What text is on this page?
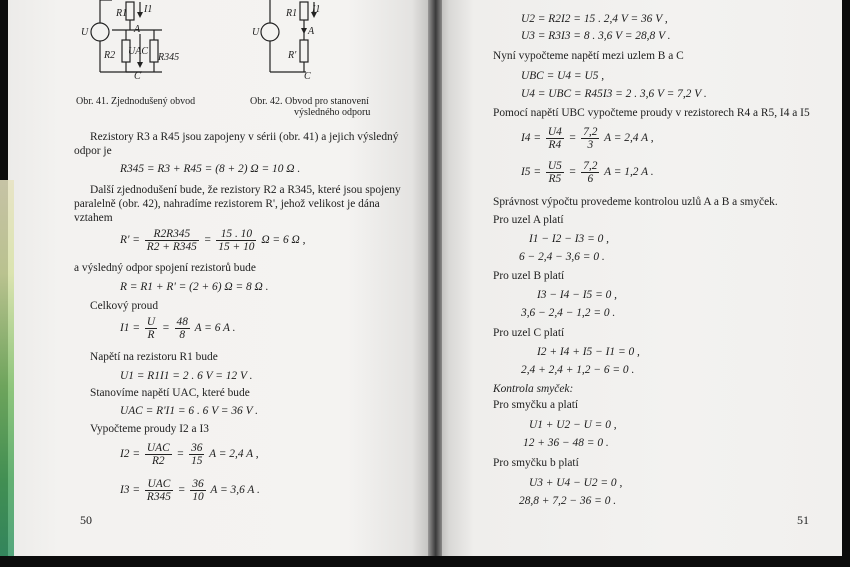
U
R1 I1
A
R2 UAC
R345
C
U
R1 I1
A
R'
C
Obr. 41. Zjednodušený obvod	Obr. 42. Obvod pro stanovení
výsledného odporu
Rezistory R3 a R45 jsou zapojeny v sérii (obr. 41) a jejich výsledný
odpor je
R345 = R3 + R45 = (8 + 2) Ω = 10 Ω .
Další zjednodušení bude, že rezistory R2 a R345, které jsou spojeny
paralelně (obr. 42), nahradíme rezistorem R', jehož velikost je dána
vztahem
$R' = \frac{R2R345}{R2 + R345} = \frac{15 . 10}{15 + 10}$ Ω = 6 Ω ,
a výsledný odpor spojení rezistorů bude
R = R1 + R' = (2 + 6) Ω = 8 Ω .
Celkový proud
$I1 = \frac{U}{R} = \frac{48}{8}$ A = 6 A .
Napětí na rezistoru R1 bude
U1 = R1I1 = 2 . 6 V = 12 V .
Stanovíme napětí UAC, které bude
UAC = R'I1 = 6 . 6 V = 36 V .
Vypočteme proudy I2 a I3
$I2 = \frac{\text{UAC}}{R2} = \frac{36}{15}$ A = 2,4 A ,
$I3 = \frac{\text{UAC}}{R345} = \frac{36}{10}$ A = 3,6 A .
50
U2 = R2I2 = 15 . 2,4 V = 36 V ,
U3 = R3I3 = 8 . 3,6 V = 28,8 V .
Nyní vypočteme napětí mezi uzlem B a C
UBC = U4 = U5 ,
U4 = UBC = R45I3 = 2 . 3,6 V = 7,2 V .
Pomocí napětí UBC vypočteme proudy v rezistorech R4 a R5, I4 a I5
$I4 = \frac{U4}{R4} = \frac{7,2}{3}$ A = 2,4 A ,
$I5 = \frac{U5}{R5} = \frac{7,2}{6}$ A = 1,2 A .
Správnost výpočtu provedeme kontrolou uzlů A a B a smyček.
Pro uzel A platí
I1 − I2 − I3 = 0 ,
6 − 2,4 − 3,6 = 0 .
Pro uzel B platí
I3 − I4 − I5 = 0 ,
3,6 − 2,4 − 1,2 = 0 .
Pro uzel C platí
I2 + I4 + I5 − I1 = 0 ,
2,4 + 2,4 + 1,2 − 6 = 0 .
Kontrola smyček:
Pro smyčku a platí
U1 + U2 − U = 0 ,
12 + 36 − 48 = 0 .
Pro smyčku b platí
U3 + U4 − U2 = 0 ,
28,8 + 7,2 − 36 = 0 .
51
